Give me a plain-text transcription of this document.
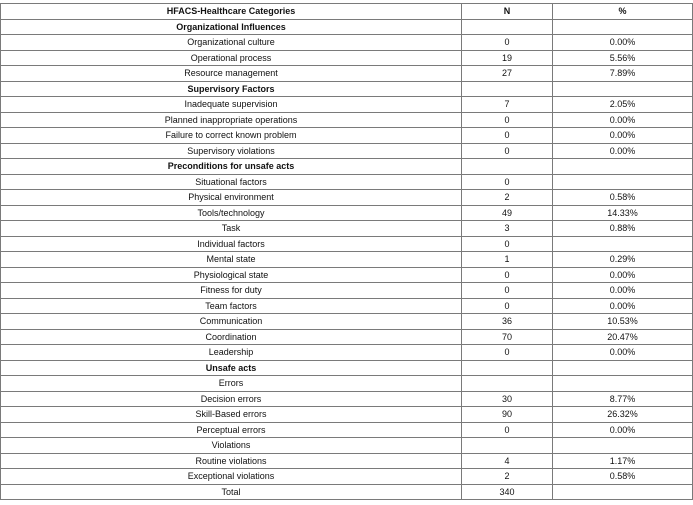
HFACS-Healthcare Categories	N	%
Organizational Influences		
Organizational culture	0	0.00%
Operational process	19	5.56%
Resource management	27	7.89%
Supervisory Factors		
Inadequate supervision	7	2.05%
Planned inappropriate operations	0	0.00%
Failure to correct known problem	0	0.00%
Supervisory violations	0	0.00%
Preconditions for unsafe acts		
Situational factors	0	
Physical environment	2	0.58%
Tools/technology	49	14.33%
Task	3	0.88%
Individual factors	0	
Mental state	1	0.29%
Physiological state	0	0.00%
Fitness for duty	0	0.00%
Team factors	0	0.00%
Communication	36	10.53%
Coordination	70	20.47%
Leadership	0	0.00%
Unsafe acts		
Errors		
Decision errors	30	8.77%
Skill-Based errors	90	26.32%
Perceptual errors	0	0.00%
Violations		
Routine violations	4	1.17%
Exceptional violations	2	0.58%
Total	340	
